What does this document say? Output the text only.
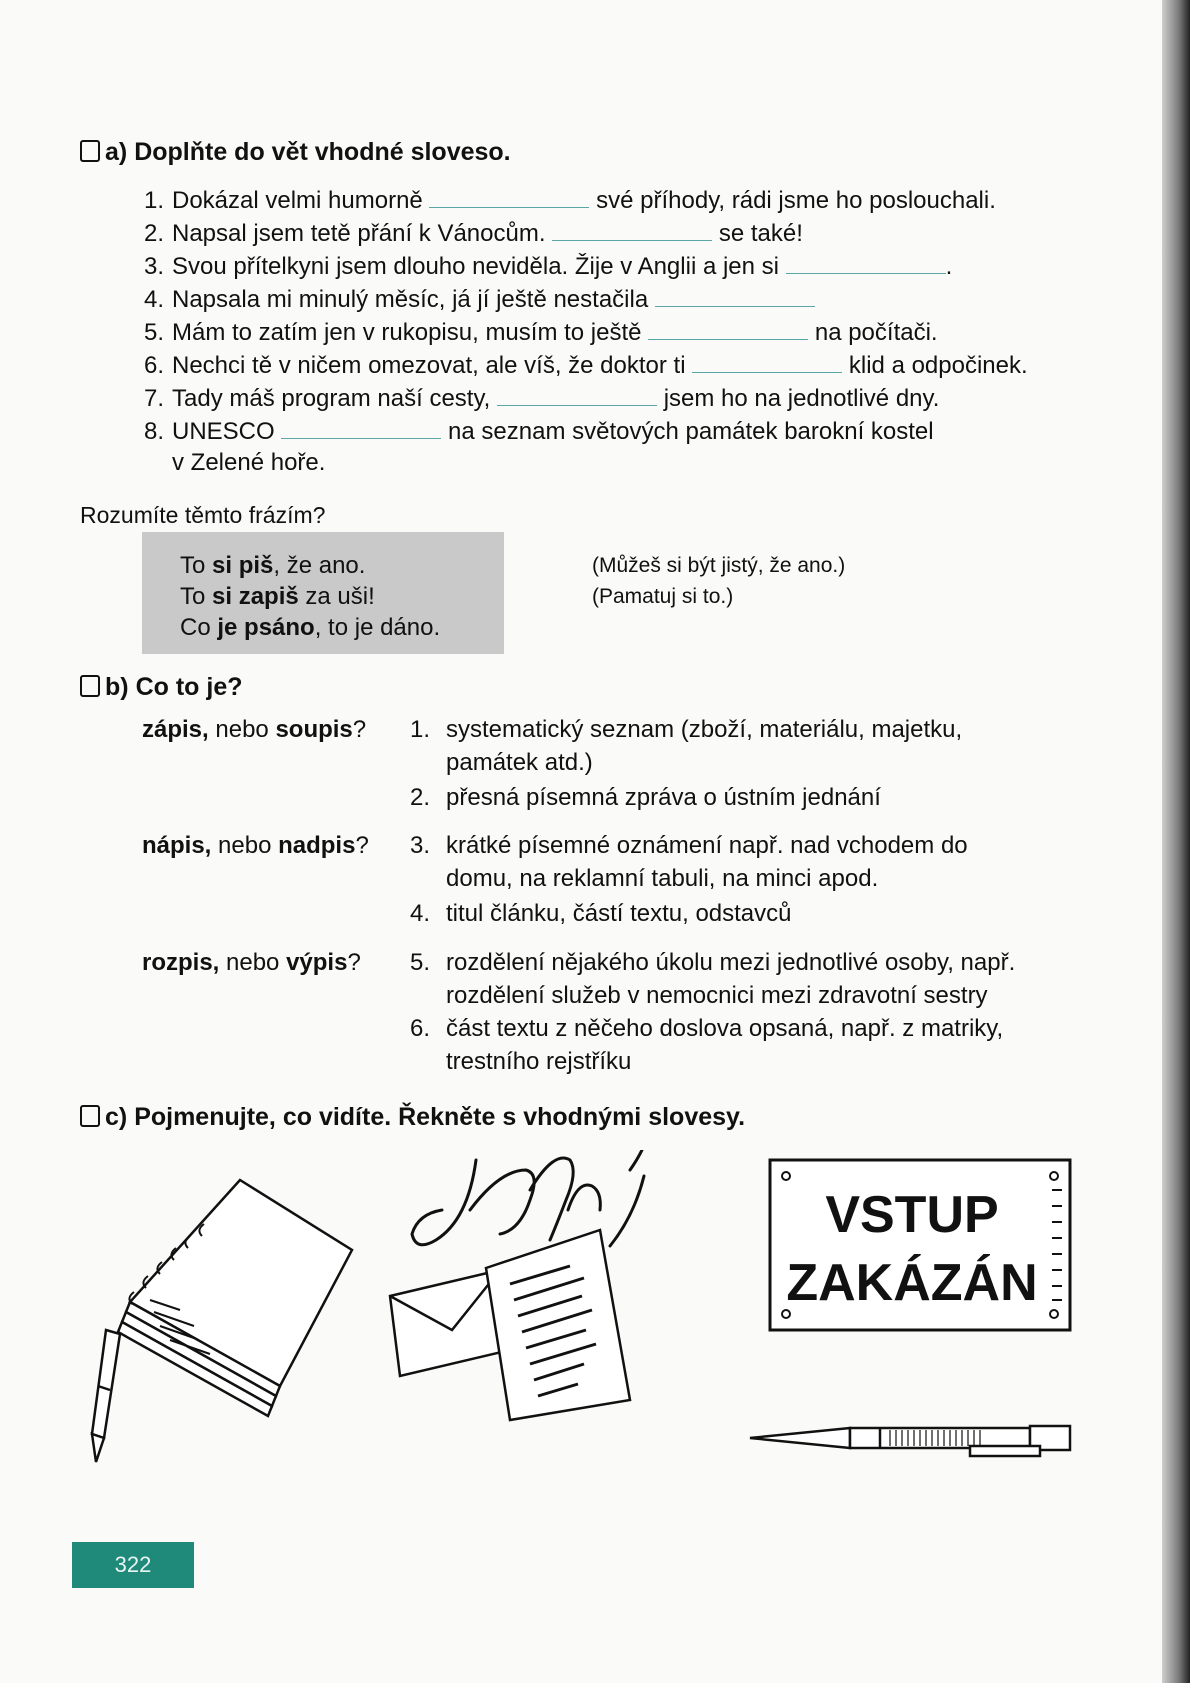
a) Doplňte do vět vhodné sloveso.
1. Dokázal velmi humorně	své příhody, rádi jsme ho poslouchali.
2. Napsal jsem tetě přání k Vánocům.	se také!
3. Svou přítelkyni jsem dlouho neviděla. Žije v Anglii a jen si	.
4. Napsala mi minulý měsíc, já jí ještě nestačila
5. Mám to zatím jen v rukopisu, musím to ještě	na počítači.
6. Nechci tě v ničem omezovat, ale víš, že doktor ti	klid a odpočinek.
7. Tady máš program naší cesty,	jsem ho na jednotlivé dny.
8. UNESCO	na seznam světových památek barokní kostel
v Zelené hoře.
Rozumíte těmto frázím?
To si piš, že ano.
To si zapiš za uši!
Co je psáno, to je dáno.
(Můžeš si být jistý, že ano.)
(Pamatuj si to.)
b) Co to je?
zápis, nebo soupis? 1. systematický seznam (zboží, materiálu, majetku, památek atd.)
2. přesná písemná zpráva o ústním jednání
nápis, nebo nadpis? 3. krátké písemné oznámení např. nad vchodem do domu, na reklamní tabuli, na minci apod.
4. titul článku, částí textu, odstavců
rozpis, nebo výpis? 5. rozdělení nějakého úkolu mezi jednotlivé osoby, např. rozdělení služeb v nemocnici mezi zdravotní sestry
6. část textu z něčeho doslova opsaná, např. z matriky, trestního rejstříku
c) Pojmenujte, co vidíte. Řekněte s vhodnými slovesy.
VSTUP
ZAKÁZÁN
322
